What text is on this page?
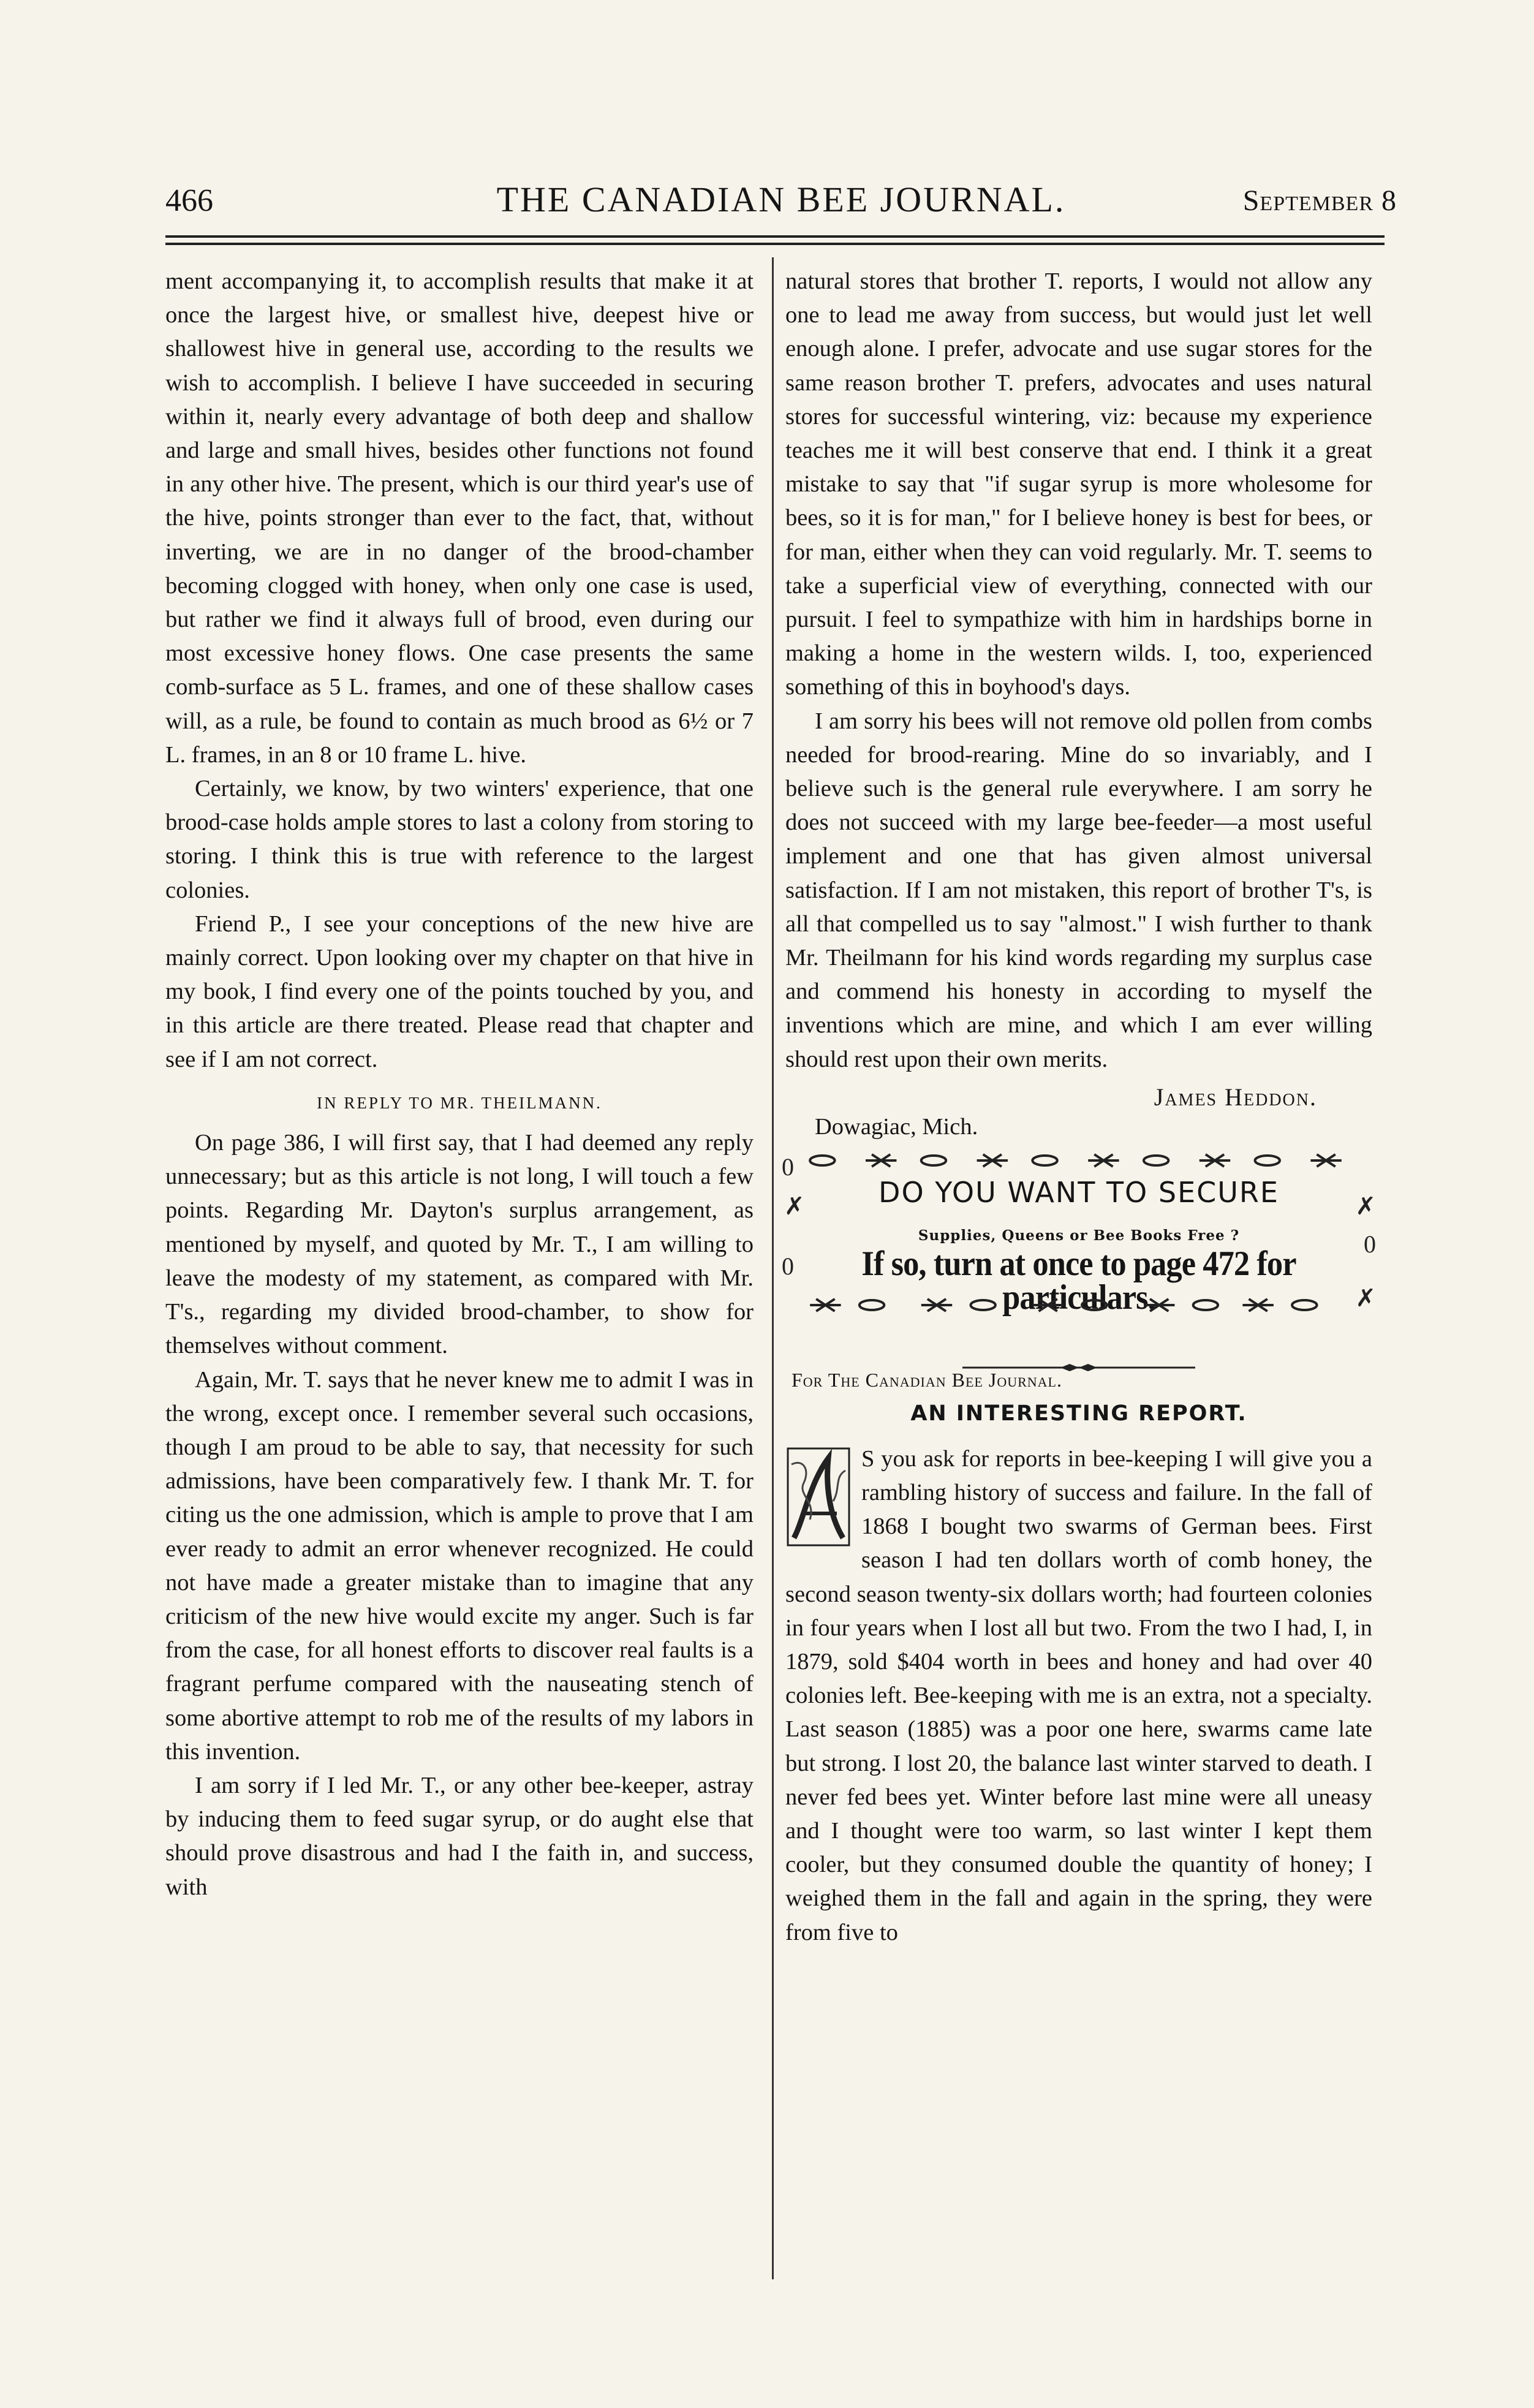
466	THE CANADIAN BEE JOURNAL.	September 8

ment accompanying it, to accomplish results that make it at once the largest hive, or smallest hive, deepest hive or shallowest hive in general use, according to the results we wish to accomplish. I believe I have succeeded in securing within it, nearly every advantage of both deep and shallow and large and small hives, besides other functions not found in any other hive. The present, which is our third year's use of the hive, points stronger than ever to the fact, that, without inverting, we are in no danger of the brood-chamber becoming clogged with honey, when only one case is used, but rather we find it always full of brood, even during our most excessive honey flows. One case presents the same comb-surface as 5 L. frames, and one of these shallow cases will, as a rule, be found to contain as much brood as 6½ or 7 L. frames, in an 8 or 10 frame L. hive.

Certainly, we know, by two winters' experience, that one brood-case holds ample stores to last a colony from storing to storing. I think this is true with reference to the largest colonies.

Friend P., I see your conceptions of the new hive are mainly correct. Upon looking over my chapter on that hive in my book, I find every one of the points touched by you, and in this article are there treated. Please read that chapter and see if I am not correct.

IN REPLY TO MR. THEILMANN.

On page 386, I will first say, that I had deemed any reply unnecessary; but as this article is not long, I will touch a few points. Regarding Mr. Dayton's surplus arrangement, as mentioned by myself, and quoted by Mr. T., I am willing to leave the modesty of my statement, as compared with Mr. T's., regarding my divided brood-chamber, to show for themselves without comment.

Again, Mr. T. says that he never knew me to admit I was in the wrong, except once. I remember several such occasions, though I am proud to be able to say, that necessity for such admissions, have been comparatively few. I thank Mr. T. for citing us the one admission, which is ample to prove that I am ever ready to admit an error whenever recognized. He could not have made a greater mistake than to imagine that any criticism of the new hive would excite my anger. Such is far from the case, for all honest efforts to discover real faults is a fragrant perfume compared with the nauseating stench of some abortive attempt to rob me of the results of my labors in this invention.

I am sorry if I led Mr. T., or any other bee-keeper, astray by inducing them to feed sugar syrup, or do aught else that should prove disastrous and had I the faith in, and success, with

natural stores that brother T. reports, I would not allow any one to lead me away from success, but would just let well enough alone. I prefer, advocate and use sugar stores for the same reason brother T. prefers, advocates and uses natural stores for successful wintering, viz: because my experience teaches me it will best conserve that end. I think it a great mistake to say that "if sugar syrup is more wholesome for bees, so it is for man," for I believe honey is best for bees, or for man, either when they can void regularly. Mr. T. seems to take a superficial view of everything, connected with our pursuit. I feel to sympathize with him in hardships borne in making a home in the western wilds. I, too, experienced something of this in boyhood's days.

I am sorry his bees will not remove old pollen from combs needed for brood-rearing. Mine do so invariably, and I believe such is the general rule everywhere. I am sorry he does not succeed with my large bee-feeder—a most useful implement and one that has given almost universal satisfaction. If I am not mistaken, this report of brother T's, is all that compelled us to say "almost." I wish further to thank Mr. Theilmann for his kind words regarding my surplus case and commend his honesty in according to myself the inventions which are mine, and which I am ever willing should rest upon their own merits.

James Heddon.
Dowagiac, Mich.
0
✗	✗
0
0
✗
DO YOU WANT TO SECURE
Supplies, Queens or Bee Books Free ?
If so, turn at once to page 472 for particulars.
For The Canadian Bee Journal.
AN INTERESTING REPORT.

S you ask for reports in bee-keeping I will give you a rambling history of success and failure. In the fall of 1868 I bought two swarms of German bees. First season I had ten dollars worth of comb honey, the second season twenty-six dollars worth; had fourteen colonies in four years when I lost all but two. From the two I had, I, in 1879, sold $404 worth in bees and honey and had over 40 colonies left. Bee-keeping with me is an extra, not a specialty. Last season (1885) was a poor one here, swarms came late but strong. I lost 20, the balance last winter starved to death. I never fed bees yet. Winter before last mine were all uneasy and I thought were too warm, so last winter I kept them cooler, but they consumed double the quantity of honey; I weighed them in the fall and again in the spring, they were from five to
